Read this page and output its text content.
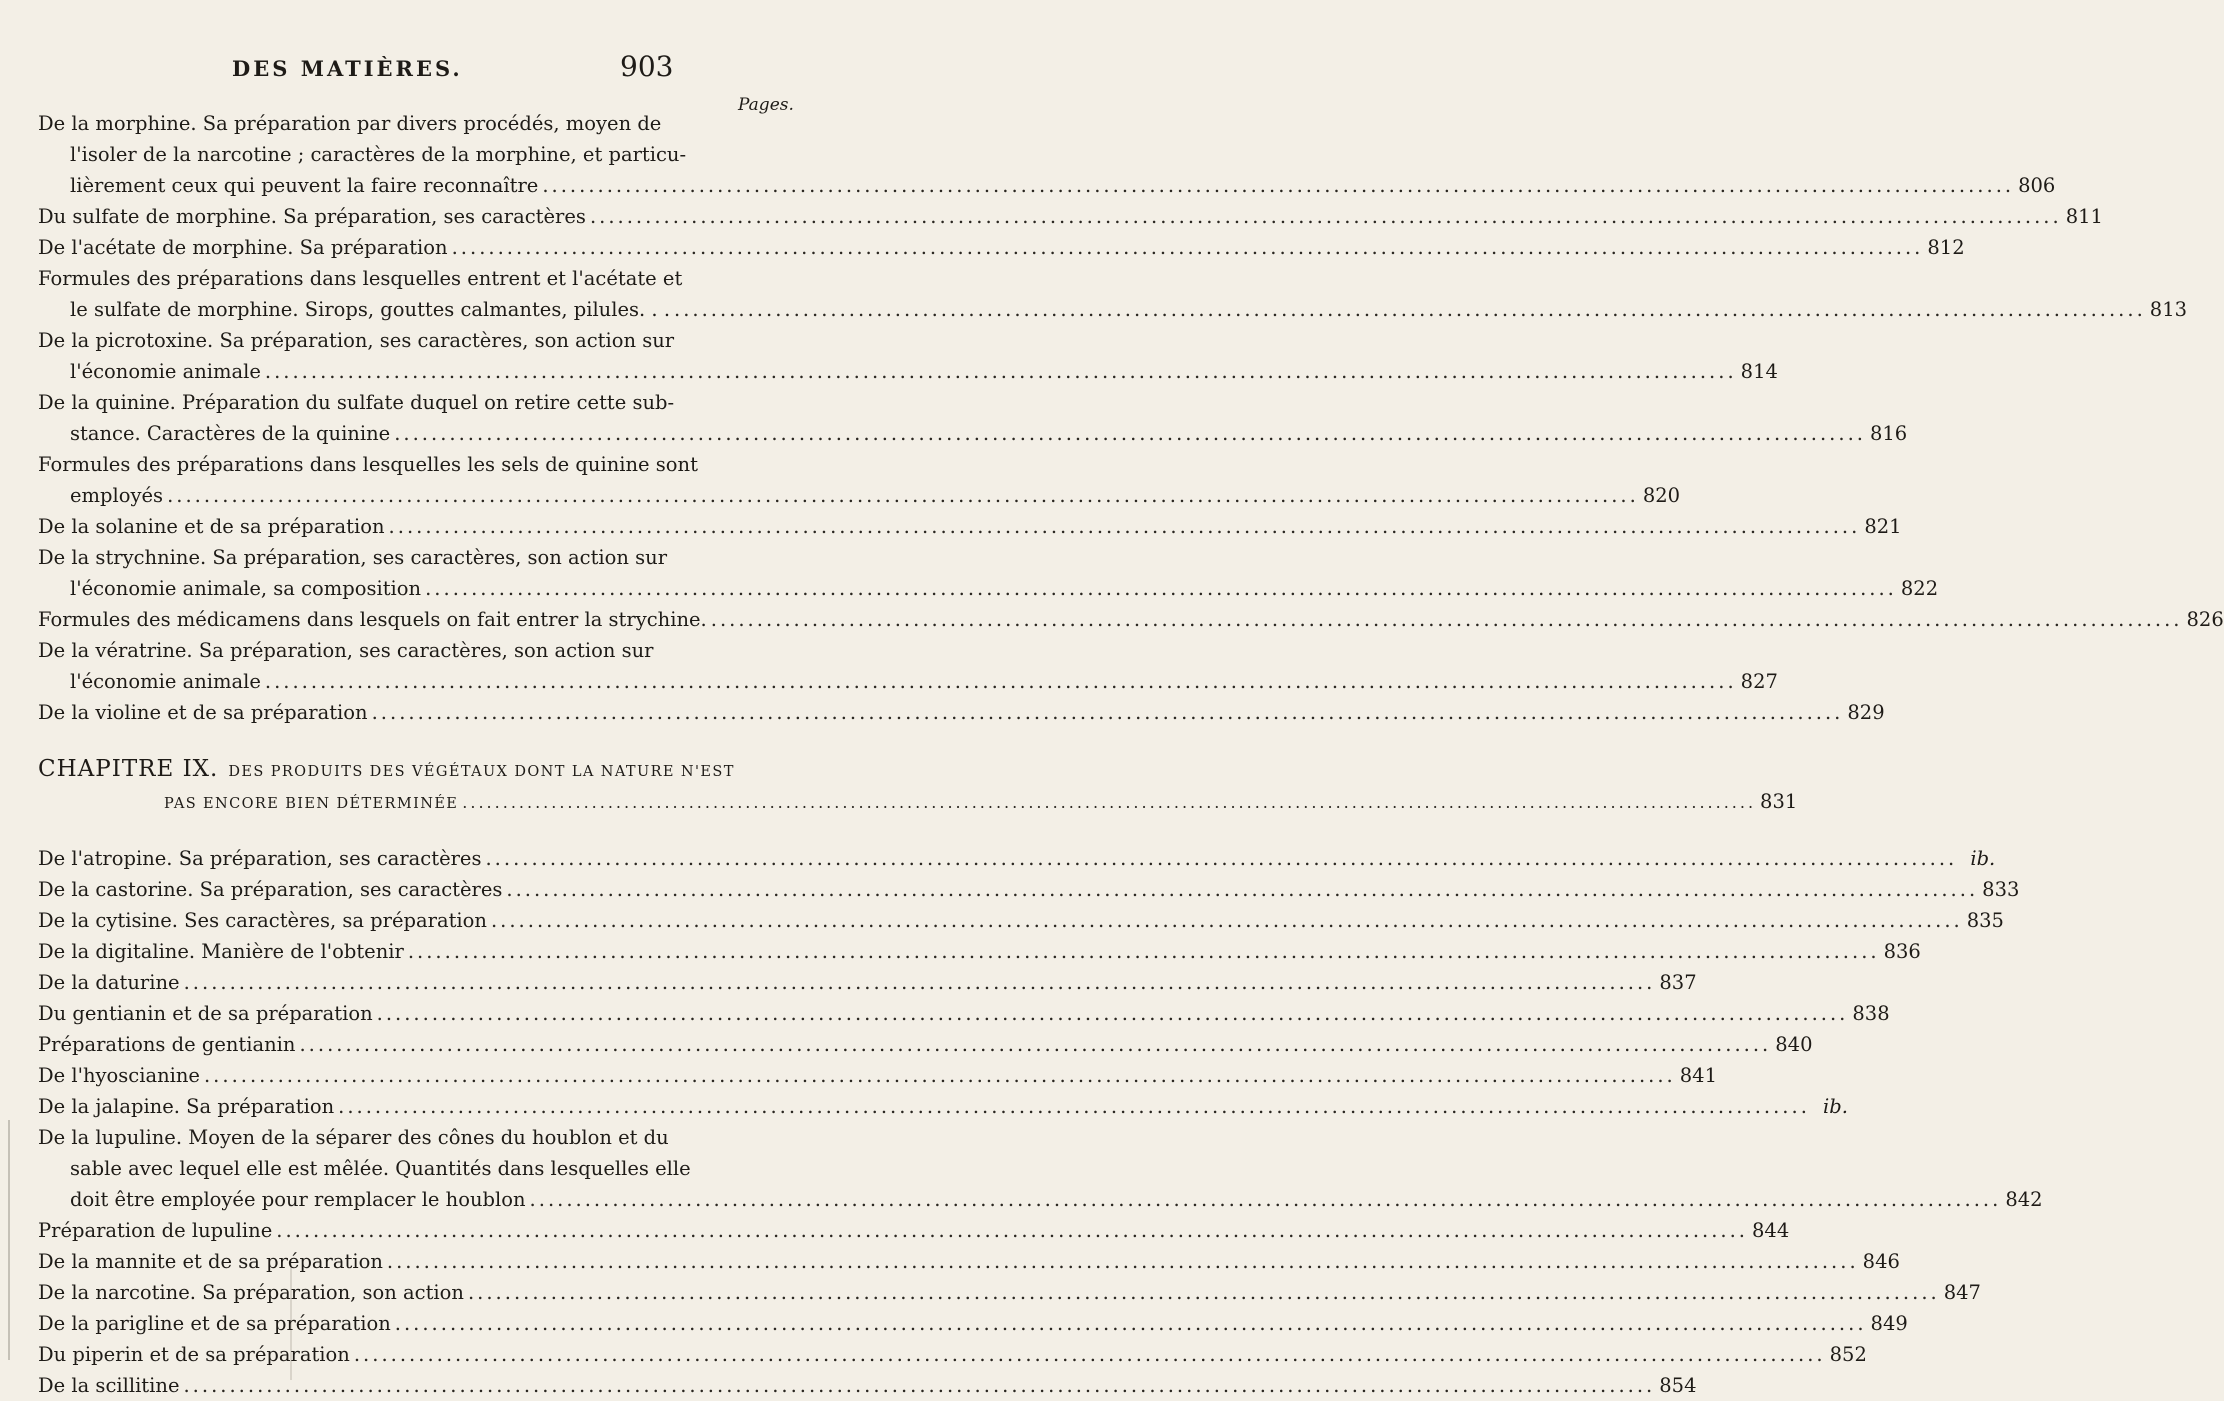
DES MATIÈRES.	903
Pages.
De la morphine. Sa préparation par divers procédés, moyen de
l'isoler de la narcotine ; caractères de la morphine, et particu-
lièrement ceux qui peuvent la faire reconnaître .....	806
Du sulfate de morphine. Sa préparation, ses caractères .....	811
De l'acétate de morphine. Sa préparation .....	812
Formules des préparations dans lesquelles entrent et l'acétate et
le sulfate de morphine. Sirops, gouttes calmantes, pilules. . . .....	813
De la picrotoxine. Sa préparation, ses caractères, son action sur
l'économie animale .....	814
De la quinine. Préparation du sulfate duquel on retire cette sub-
stance. Caractères de la quinine .....	816
Formules des préparations dans lesquelles les sels de quinine sont
employés .....	820
De la solanine et de sa préparation .....	821
De la strychnine. Sa préparation, ses caractères, son action sur
l'économie animale, sa composition .....	822
Formules des médicamens dans lesquels on fait entrer la strychine. .....	826
De la vératrine. Sa préparation, ses caractères, son action sur
l'économie animale .....	827
De la violine et de sa préparation .....	829
CHAPITRE IX. DES PRODUITS DES VÉGÉTAUX DONT LA NATURE N'EST
PAS ENCORE BIEN DÉTERMINÉE .....	831
De l'atropine. Sa préparation, ses caractères .....	ib.
De la castorine. Sa préparation, ses caractères .....	833
De la cytisine. Ses caractères, sa préparation .....	835
De la digitaline. Manière de l'obtenir .....	836
De la daturine .....	837
Du gentianin et de sa préparation .....	838
Préparations de gentianin .....	840
De l'hyoscianine .....	841
De la jalapine. Sa préparation .....	ib.
De la lupuline. Moyen de la séparer des cônes du houblon et du
sable avec lequel elle est mêlée. Quantités dans lesquelles elle
doit être employée pour remplacer le houblon .....	842
Préparation de lupuline .....	844
De la mannite et de sa préparation .....	846
De la narcotine. Sa préparation, son action .....	847
De la parigline et de sa préparation .....	849
Du piperin et de sa préparation .....	852
De la scillitine .....	854
